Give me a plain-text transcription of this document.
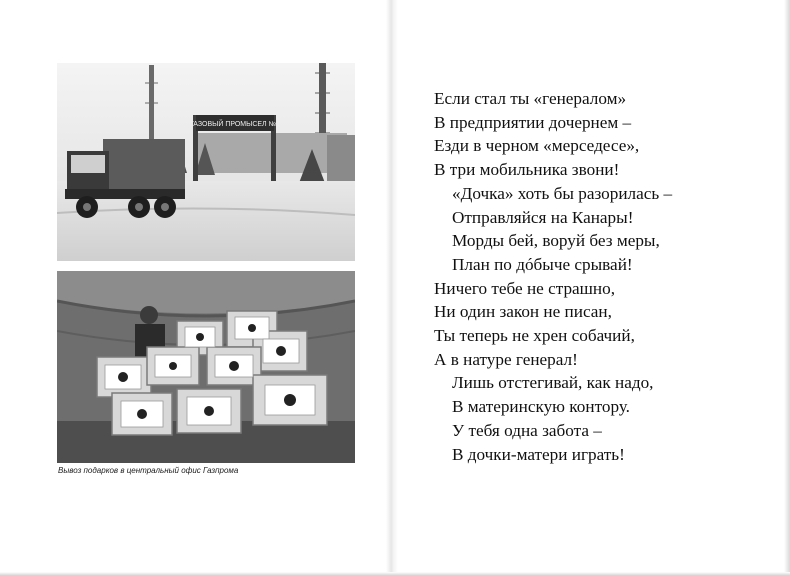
ГАЗОВЫЙ ПРОМЫСЕЛ №1
Вывоз подарков в центральный офис Газпрома
Если стал ты «генералом»
В предприятии дочернем –
Езди в черном «мерседесе»,
В три мобильника звони!
«Дочка» хоть бы разорилась –
Отправляйся на Канары!
Морды бей, воруй без меры,
План по дóбыче срывай!
Ничего тебе не страшно,
Ни один закон не писан,
Ты теперь не хрен собачий,
А в натуре генерал!
Лишь отстегивай, как надо,
В материнскую контору.
У тебя одна забота –
В дочки-матери играть!
